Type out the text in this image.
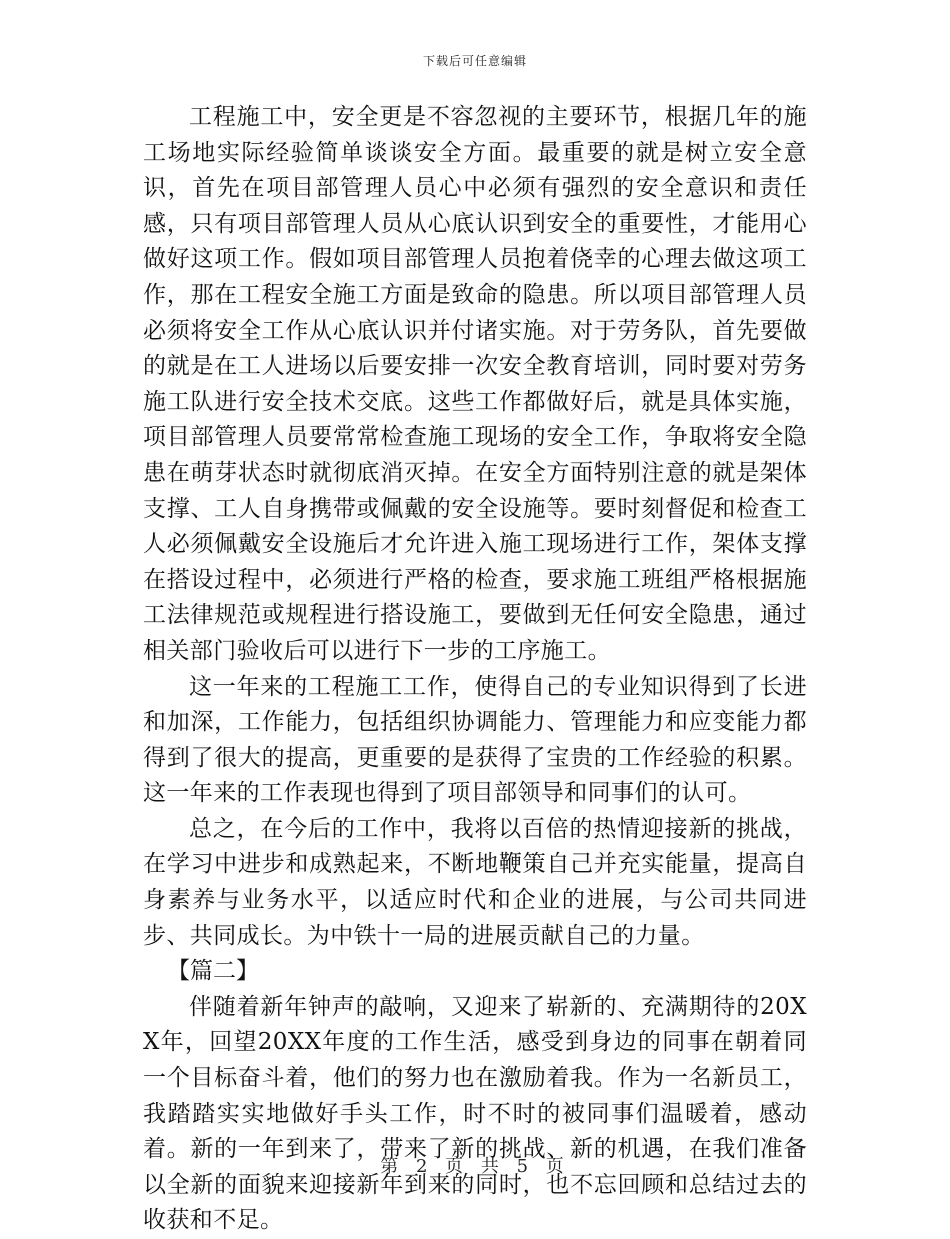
下载后可任意编辑

工程施工中，安全更是不容忽视的主要环节，根据几年的施工场地实际经验简单谈谈安全方面。最重要的就是树立安全意识，首先在项目部管理人员心中必须有强烈的安全意识和责任感，只有项目部管理人员从心底认识到安全的重要性，才能用心做好这项工作。假如项目部管理人员抱着侥幸的心理去做这项工作，那在工程安全施工方面是致命的隐患。所以项目部管理人员必须将安全工作从心底认识并付诸实施。对于劳务队，首先要做的就是在工人进场以后要安排一次安全教育培训，同时要对劳务施工队进行安全技术交底。这些工作都做好后，就是具体实施，项目部管理人员要常常检查施工现场的安全工作，争取将安全隐患在萌芽状态时就彻底消灭掉。在安全方面特别注意的就是架体支撑、工人自身携带或佩戴的安全设施等。要时刻督促和检查工人必须佩戴安全设施后才允许进入施工现场进行工作，架体支撑在搭设过程中，必须进行严格的检查，要求施工班组严格根据施工法律规范或规程进行搭设施工，要做到无任何安全隐患，通过相关部门验收后可以进行下一步的工序施工。

这一年来的工程施工工作，使得自己的专业知识得到了长进和加深，工作能力，包括组织协调能力、管理能力和应变能力都得到了很大的提高，更重要的是获得了宝贵的工作经验的积累。这一年来的工作表现也得到了项目部领导和同事们的认可。

总之，在今后的工作中，我将以百倍的热情迎接新的挑战，在学习中进步和成熟起来，不断地鞭策自己并充实能量，提高自身素养与业务水平，以适应时代和企业的进展，与公司共同进步、共同成长。为中铁十一局的进展贡献自己的力量。

【篇二】

伴随着新年钟声的敲响，又迎来了崭新的、充满期待的20XX年，回望20XX年度的工作生活，感受到身边的同事在朝着同一个目标奋斗着，他们的努力也在激励着我。作为一名新员工，我踏踏实实地做好手头工作，时不时的被同事们温暖着，感动着。新的一年到来了，带来了新的挑战、新的机遇，在我们准备以全新的面貌来迎接新年到来的同时，也不忘回顾和总结过去的收获和不足。

第 2 页 共 5 页
